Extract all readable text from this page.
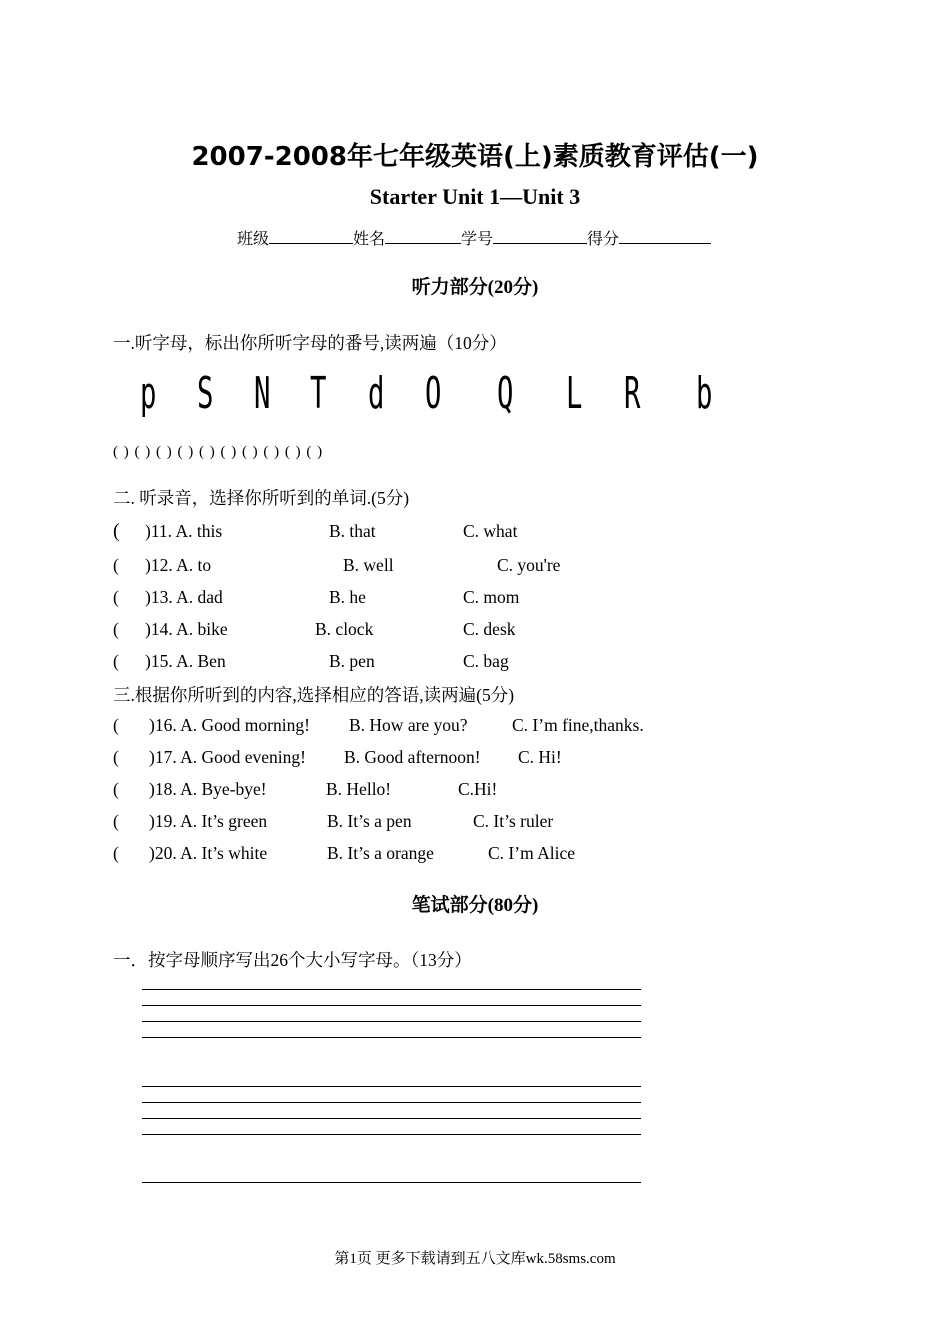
2007-2008年七年级英语(上)素质教育评估(一)
Starter Unit 1—Unit 3
班级	姓名	学号	得分
听力部分(20分)
一.听字母，标出你所听字母的番号,读两遍（10分）
p S N T d O Q L R b
( ) ( ) ( ) ( ) ( ) ( ) ( ) ( ) ( ) ( )
二. 听录音，选择你所听到的单词.(5分)
( )11. A. this	B. that	C. what
( )12. A. to	B. well	C. you're
( )13. A. dad	B. he	C. mom
( )14. A. bike	B. clock	C. desk
( )15. A. Ben	B. pen	C. bag
三.根据你所听到的内容,选择相应的答语,读两遍(5分)
( )16. A. Good morning! B. How are you?	C. I’m fine,thanks.
( )17. A. Good evening! B. Good afternoon! C. Hi!
( )18. A. Bye-bye!	B. Hello!	C.Hi!
( )19. A. It’s green	B. It’s a pen	C. It’s ruler
( )20. A. It’s white	B. It’s a orange	C. I’m Alice
笔试部分(80分)
一．按字母顺序写出26个大小写字母。（13分）
第1页 更多下载请到五八文库wk.58sms.com
